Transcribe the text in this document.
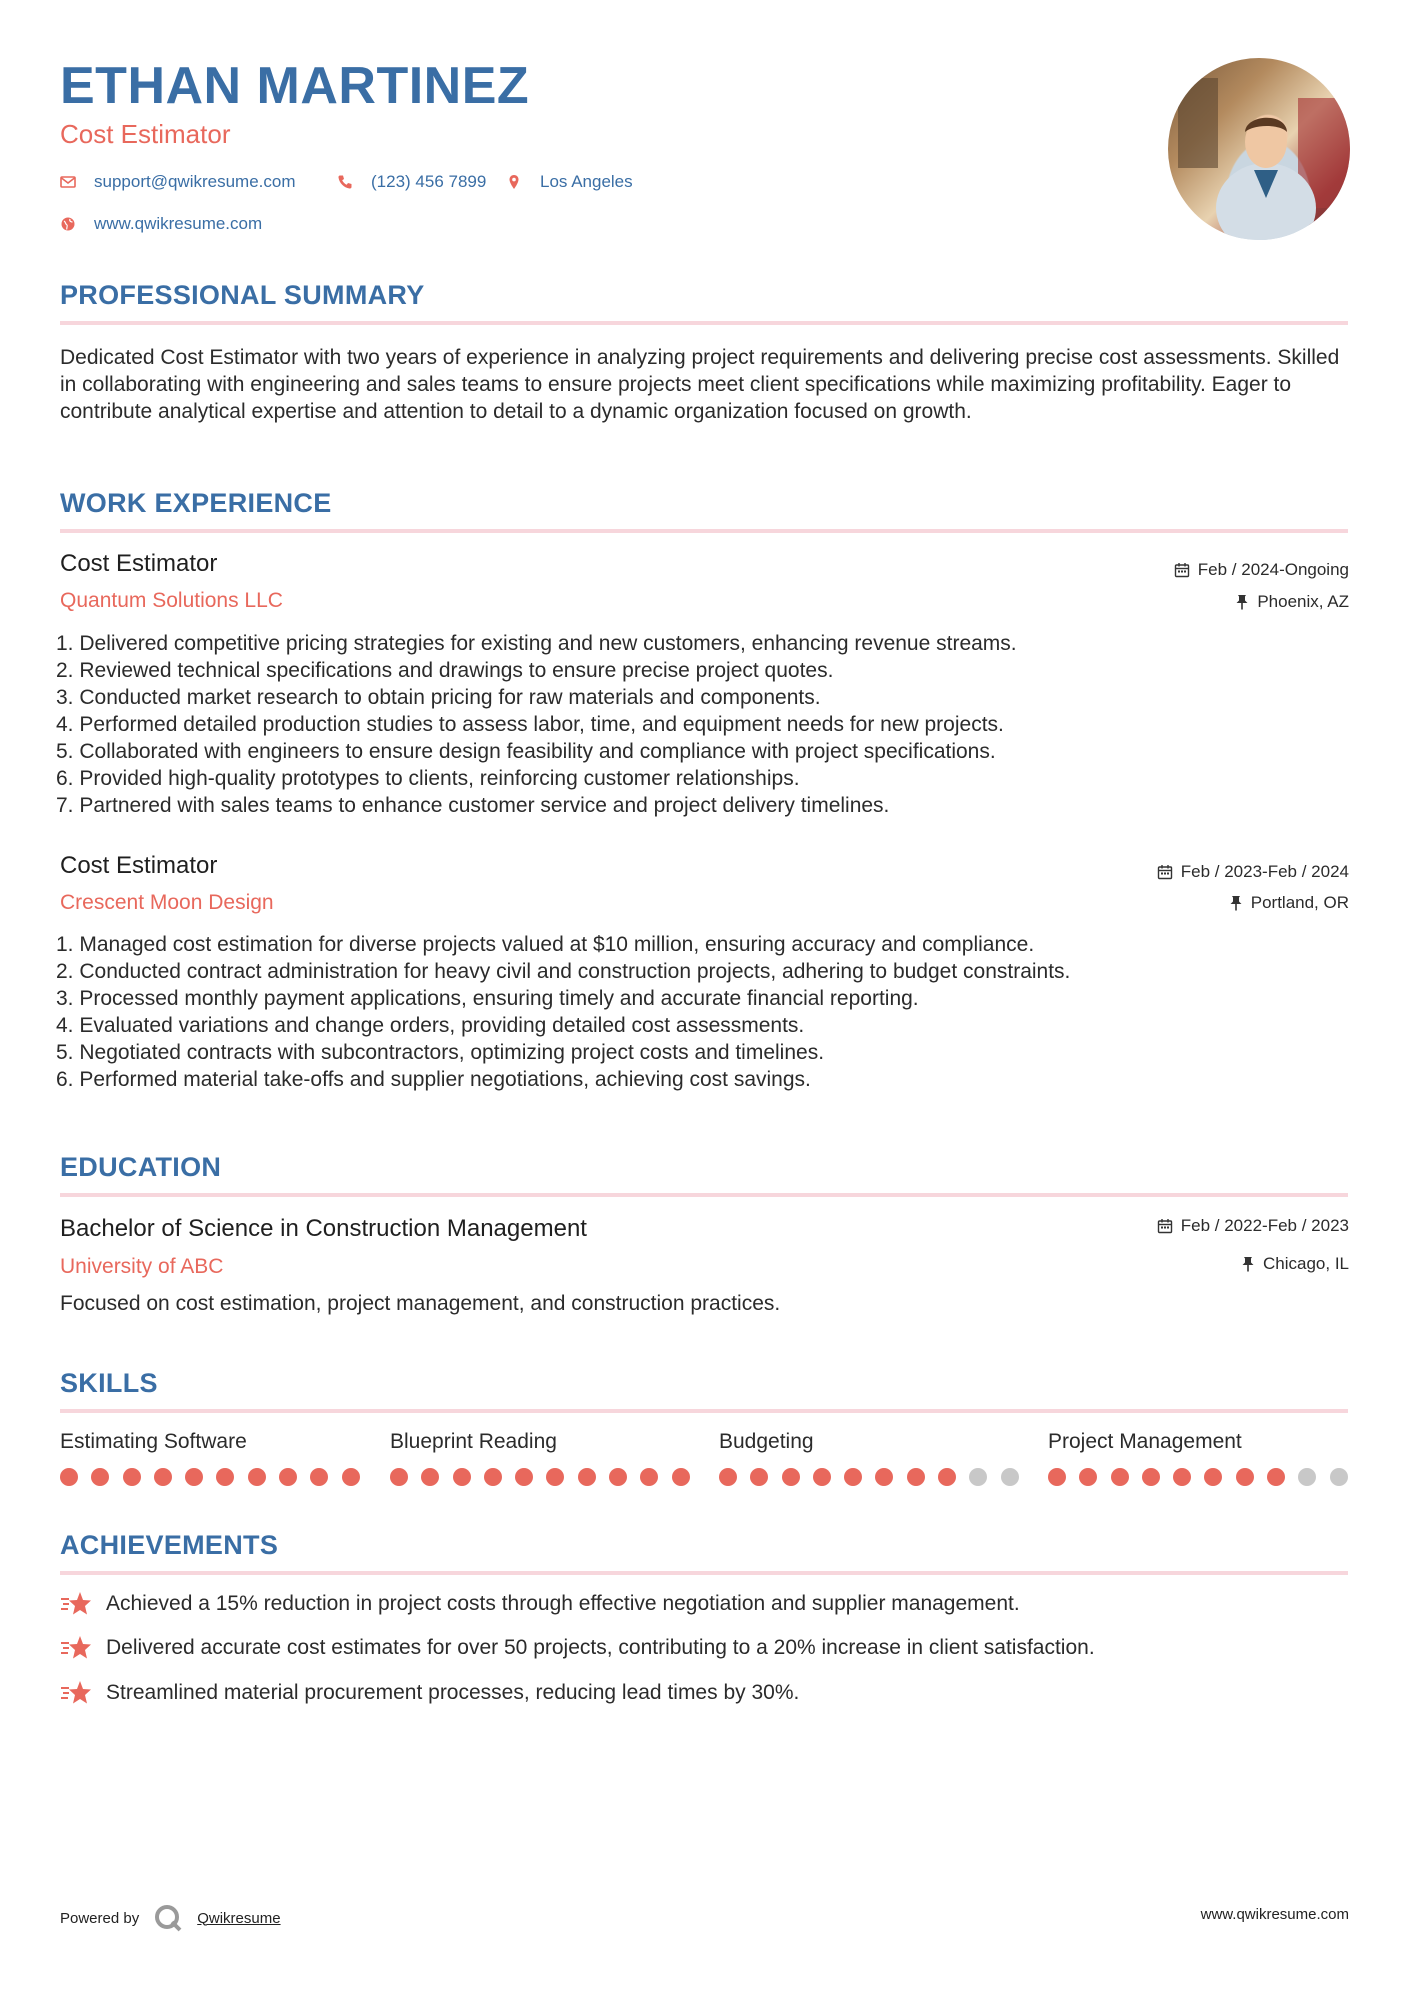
ETHAN MARTINEZ
Cost Estimator
support@qwikresume.com	(123) 456 7899	Los Angeles
www.qwikresume.com
PROFESSIONAL SUMMARY
Dedicated Cost Estimator with two years of experience in analyzing project requirements and delivering precise cost assessments. Skilled in collaborating with engineering and sales teams to ensure projects meet client specifications while maximizing profitability. Eager to contribute analytical expertise and attention to detail to a dynamic organization focused on growth.
WORK EXPERIENCE
Cost Estimator
Quantum Solutions LLC
Feb / 2024-Ongoing
Phoenix, AZ
1. Delivered competitive pricing strategies for existing and new customers, enhancing revenue streams.
2. Reviewed technical specifications and drawings to ensure precise project quotes.
3. Conducted market research to obtain pricing for raw materials and components.
4. Performed detailed production studies to assess labor, time, and equipment needs for new projects.
5. Collaborated with engineers to ensure design feasibility and compliance with project specifications.
6. Provided high-quality prototypes to clients, reinforcing customer relationships.
7. Partnered with sales teams to enhance customer service and project delivery timelines.
Cost Estimator
Crescent Moon Design
Feb / 2023-Feb / 2024
Portland, OR
1. Managed cost estimation for diverse projects valued at $10 million, ensuring accuracy and compliance.
2. Conducted contract administration for heavy civil and construction projects, adhering to budget constraints.
3. Processed monthly payment applications, ensuring timely and accurate financial reporting.
4. Evaluated variations and change orders, providing detailed cost assessments.
5. Negotiated contracts with subcontractors, optimizing project costs and timelines.
6. Performed material take-offs and supplier negotiations, achieving cost savings.
EDUCATION
Bachelor of Science in Construction Management
University of ABC
Feb / 2022-Feb / 2023
Chicago, IL
Focused on cost estimation, project management, and construction practices.
SKILLS
Estimating Software	Blueprint Reading	Budgeting	Project Management
ACHIEVEMENTS
Achieved a 15% reduction in project costs through effective negotiation and supplier management.
Delivered accurate cost estimates for over 50 projects, contributing to a 20% increase in client satisfaction.
Streamlined material procurement processes, reducing lead times by 30%.
Powered by	Qwikresume	www.qwikresume.com
